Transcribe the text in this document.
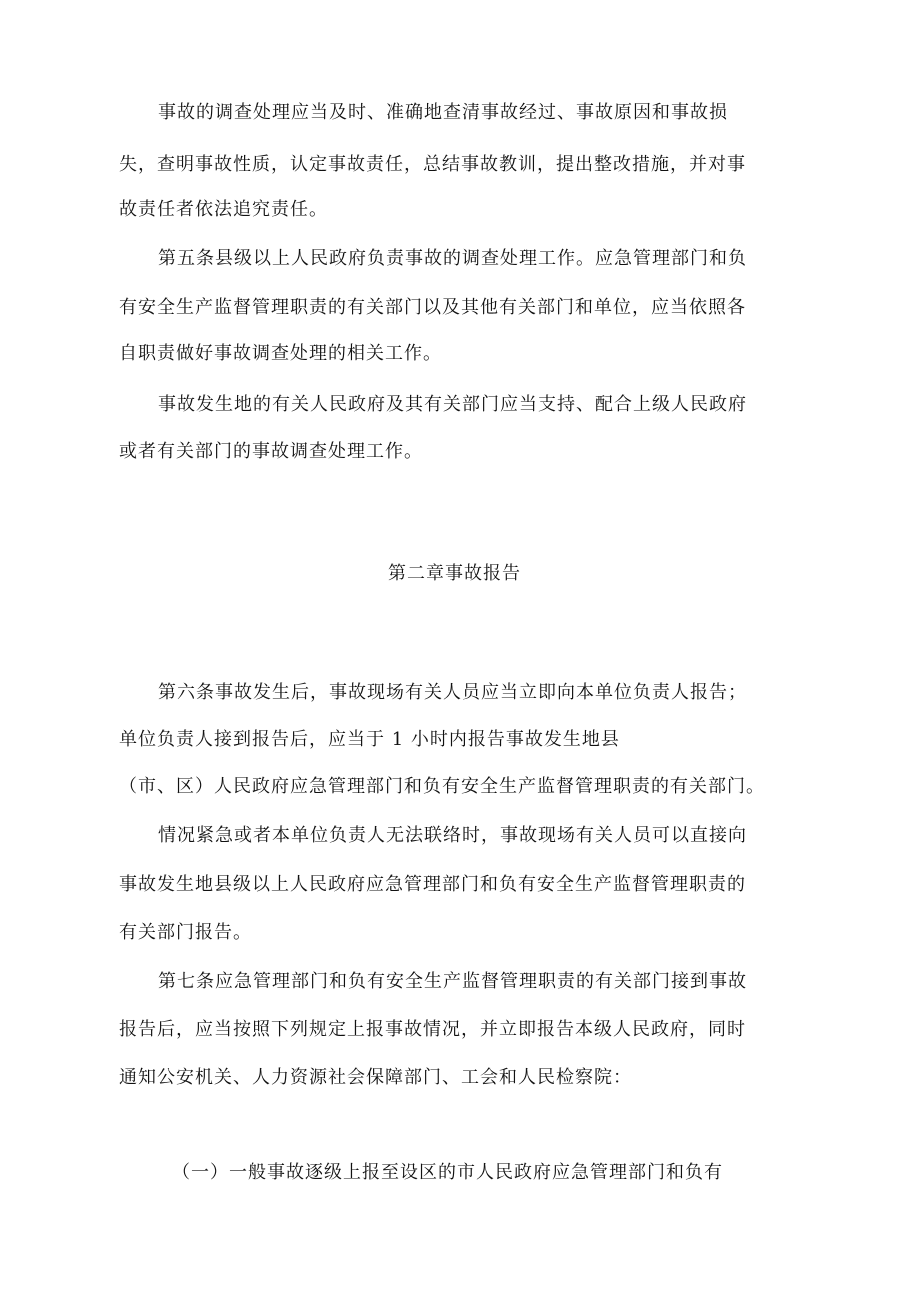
事故的调查处理应当及时、准确地查清事故经过、事故原因和事故损

失，查明事故性质，认定事故责任，总结事故教训，提出整改措施，并对事

故责任者依法追究责任。

第五条县级以上人民政府负责事故的调查处理工作。应急管理部门和负

有安全生产监督管理职责的有关部门以及其他有关部门和单位，应当依照各

自职责做好事故调查处理的相关工作。

事故发生地的有关人民政府及其有关部门应当支持、配合上级人民政府

或者有关部门的事故调查处理工作。

第二章事故报告

第六条事故发生后，事故现场有关人员应当立即向本单位负责人报告；

单位负责人接到报告后，应当于 1 小时内报告事故发生地县

（市、区）人民政府应急管理部门和负有安全生产监督管理职责的有关部门。

情况紧急或者本单位负责人无法联络时，事故现场有关人员可以直接向

事故发生地县级以上人民政府应急管理部门和负有安全生产监督管理职责的

有关部门报告。

第七条应急管理部门和负有安全生产监督管理职责的有关部门接到事故

报告后，应当按照下列规定上报事故情况，并立即报告本级人民政府，同时

通知公安机关、人力资源社会保障部门、工会和人民检察院：

（一）一般事故逐级上报至设区的市人民政府应急管理部门和负有
